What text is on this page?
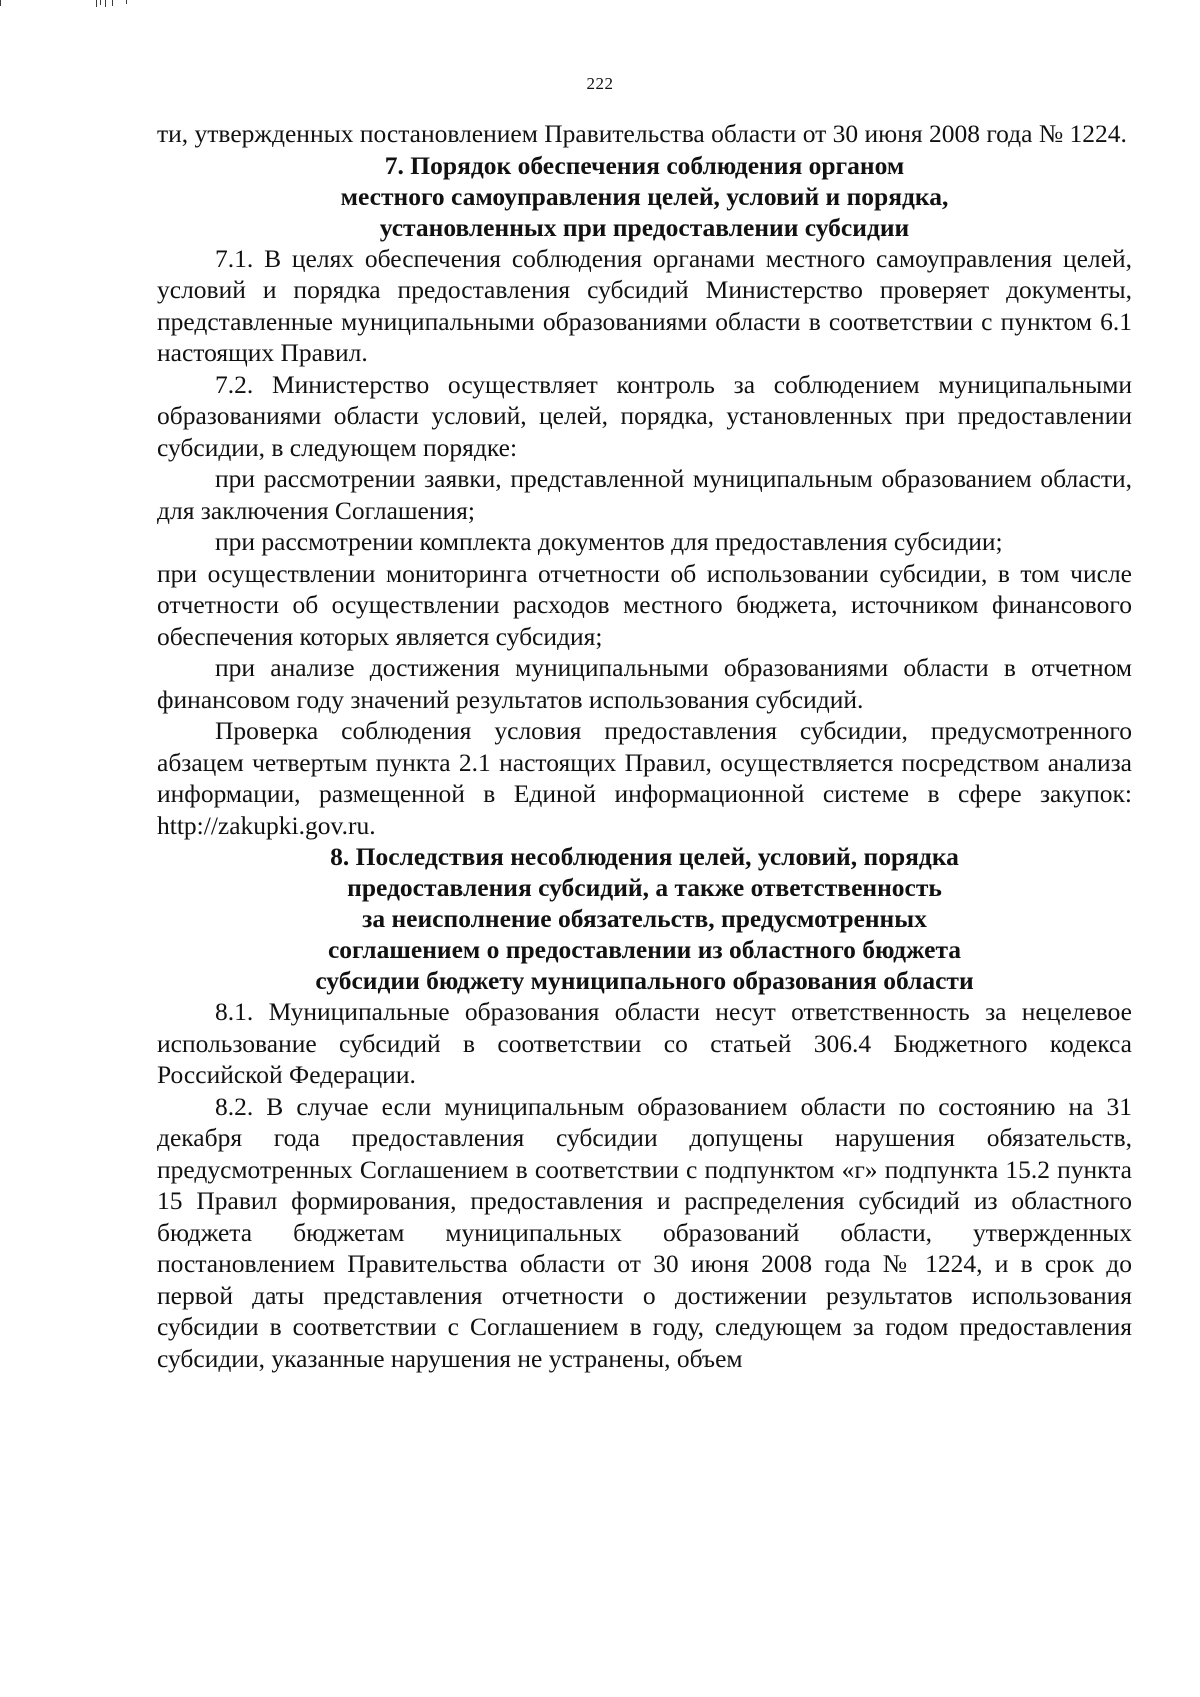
222

ти, утвержденных постановлением Правительства области от 30 июня 2008 года № 1224.

7. Порядок обеспечения соблюдения органом
местного самоуправления целей, условий и порядка,
установленных при предоставлении субсидии

7.1. В целях обеспечения соблюдения органами местного самоуправления целей, условий и порядка предоставления субсидий Министерство проверяет документы, представленные муниципальными образованиями области в соответствии с пунктом 6.1 настоящих Правил.

7.2. Министерство осуществляет контроль за соблюдением муниципальными образованиями области условий, целей, порядка, установленных при предоставлении субсидии, в следующем порядке:

при рассмотрении заявки, представленной муниципальным образованием области, для заключения Соглашения;

при рассмотрении комплекта документов для предоставления субсидии;

при осуществлении мониторинга отчетности об использовании субсидии, в том числе отчетности об осуществлении расходов местного бюджета, источником финансового обеспечения которых является субсидия;

при анализе достижения муниципальными образованиями области в отчетном финансовом году значений результатов использования субсидий.

Проверка соблюдения условия предоставления субсидии, предусмотренного абзацем четвертым пункта 2.1 настоящих Правил, осуществляется посредством анализа информации, размещенной в Единой информационной системе в сфере закупок: http://zakupki.gov.ru.

8. Последствия несоблюдения целей, условий, порядка
предоставления субсидий, а также ответственность
за неисполнение обязательств, предусмотренных
соглашением о предоставлении из областного бюджета
субсидии бюджету муниципального образования области

8.1. Муниципальные образования области несут ответственность за нецелевое использование субсидий в соответствии со статьей 306.4 Бюджетного кодекса Российской Федерации.

8.2. В случае если муниципальным образованием области по состоянию на 31 декабря года предоставления субсидии допущены нарушения обязательств, предусмотренных Соглашением в соответствии с подпунктом «г» подпункта 15.2 пункта 15 Правил формирования, предоставления и распределения субсидий из областного бюджета бюджетам муниципальных образований области, утвержденных постановлением Правительства области от 30 июня 2008 года № 1224, и в срок до первой даты представления отчетности о достижении результатов использования субсидии в соответствии с Соглашением в году, следующем за годом предоставления субсидии, указанные нарушения не устранены, объем
